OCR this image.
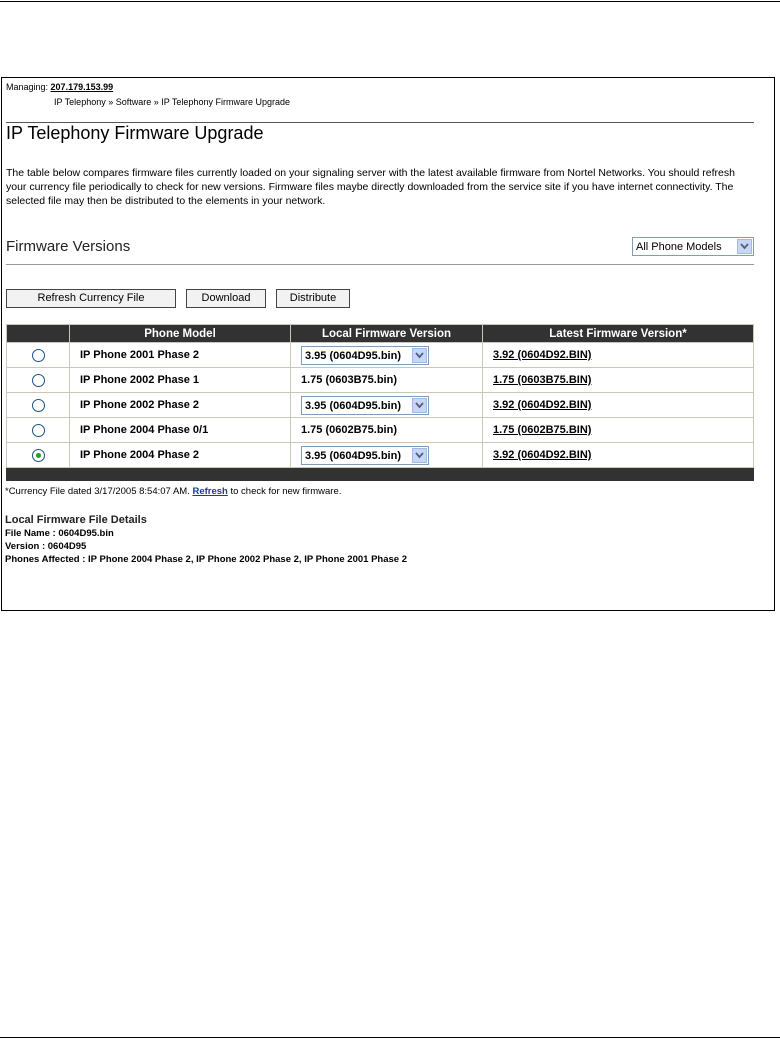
Managing: 207.179.153.99
IP Telephony » Software » IP Telephony Firmware Upgrade
IP Telephony Firmware Upgrade
The table below compares firmware files currently loaded on your signaling server with the latest available firmware from Nortel Networks. You should refresh your currency file periodically to check for new versions. Firmware files maybe directly downloaded from the service site if you have internet connectivity. The selected file may then be distributed to the elements in your network.
Firmware Versions	All Phone Models
Refresh Currency File	Download	Distribute
	Phone Model	Local Firmware Version	Latest Firmware Version*
	IP Phone 2001 Phase 2	3.95 (0604D95.bin)	3.92 (0604D92.BIN)
	IP Phone 2002 Phase 1	1.75 (0603B75.bin)	1.75 (0603B75.BIN)
	IP Phone 2002 Phase 2	3.95 (0604D95.bin)	3.92 (0604D92.BIN)
	IP Phone 2004 Phase 0/1	1.75 (0602B75.bin)	1.75 (0602B75.BIN)
	IP Phone 2004 Phase 2	3.95 (0604D95.bin)	3.92 (0604D92.BIN)

*Currency File dated 3/17/2005 8:54:07 AM. Refresh to check for new firmware.
Local Firmware File Details
File Name : 0604D95.bin
Version : 0604D95
Phones Affected : IP Phone 2004 Phase 2, IP Phone 2002 Phase 2, IP Phone 2001 Phase 2
